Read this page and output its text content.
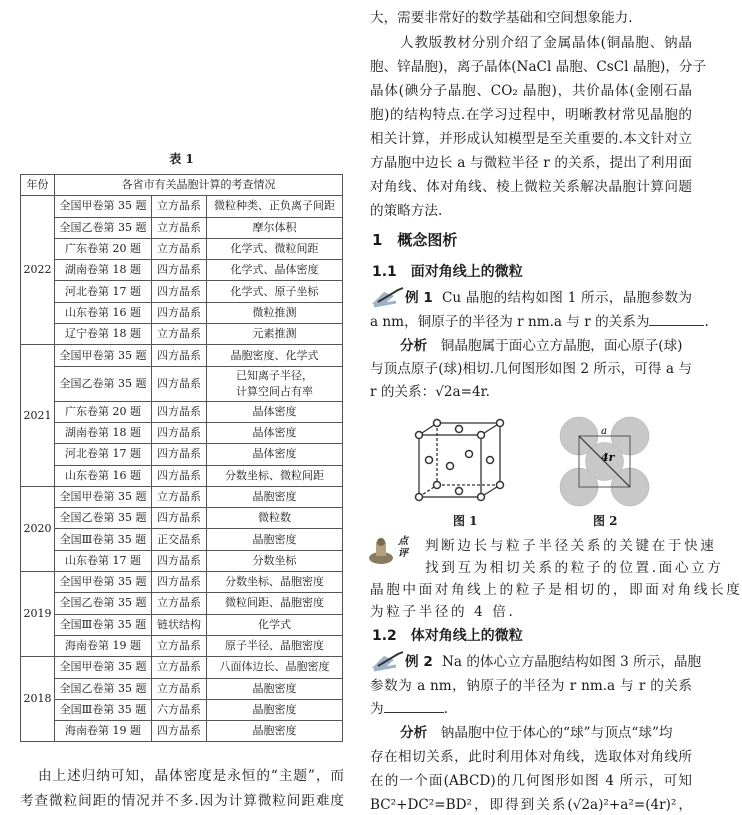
表 1
年份	各省市有关晶胞计算的考查情况		
2022	全国甲卷第 35 题	立方晶系	微粒种类、正负离子间距
	全国乙卷第 35 题	立方晶系	摩尔体积
	广东卷第 20 题	立方晶系	化学式、微粒间距
	湖南卷第 18 题	四方晶系	化学式、晶体密度
	河北卷第 17 题	四方晶系	化学式、原子坐标
	山东卷第 16 题	四方晶系	微粒推测
	辽宁卷第 18 题	立方晶系	元素推测
2021	全国甲卷第 35 题	四方晶系	晶胞密度、化学式
	全国乙卷第 35 题	四方晶系	已知离子半径，
计算空间占有率
	广东卷第 20 题	四方晶系	晶体密度
	湖南卷第 18 题	四方晶系	晶体密度
	河北卷第 17 题	四方晶系	晶体密度
	山东卷第 16 题	四方晶系	分数坐标、微粒间距
2020	全国甲卷第 35 题	立方晶系	晶胞密度
	全国乙卷第 35 题	四方晶系	微粒数
	全国Ⅲ卷第 35 题	正交晶系	晶胞密度
	山东卷第 17 题	四方晶系	分数坐标
2019	全国甲卷第 35 题	四方晶系	分数坐标、晶胞密度
	全国乙卷第 35 题	立方晶系	微粒间距、晶胞密度
	全国Ⅲ卷第 35 题	链状结构	化学式
	海南卷第 19 题	立方晶系	原子半径、晶胞密度
2018	全国甲卷第 35 题	立方晶系	八面体边长、晶胞密度
	全国乙卷第 35 题	立方晶系	晶胞密度
	全国Ⅲ卷第 35 题	六方晶系	晶胞密度
	海南卷第 19 题	四方晶系	晶胞密度
由上述归纳可知，晶体密度是永恒的“主题”，而
考查微粒间距的情况并不多.因为计算微粒间距难度
大，需要非常好的数学基础和空间想象能力.
人教版教材分别介绍了金属晶体(铜晶胞、钠晶
胞、锌晶胞)，离子晶体(NaCl 晶胞、CsCl 晶胞)，分子
晶体(碘分子晶胞、CO₂ 晶胞)，共价晶体(金刚石晶
胞)的结构特点.在学习过程中，明晰教材常见晶胞的
相关计算，并形成认知模型是至关重要的.本文针对立
方晶胞中边长 a 与微粒半径 r 的关系，提出了利用面
对角线、体对角线、棱上微粒关系解决晶胞计算问题
的策略方法.
1　概念图析
1.1　面对角线上的微粒
例 1 Cu 晶胞的结构如图 1 所示，晶胞参数为
a nm，铜原子的半径为 r nm.a 与 r 的关系为	.
分析　 铜晶胞属于面心立方晶胞，面心原子(球)
与顶点原子(球)相切.几何图形如图 2 所示，可得 a 与
r 的关系：√2a=4r.
图 1
a
4r
图 2
点评 判断边长与粒子半径关系的关键在于快速
找到互为相切关系的粒子的位置.面心立方
晶胞中面对角线上的粒子是相切的，即面对角线长度
为粒子半径的 4 倍.
1.2　体对角线上的微粒
例 2 Na 的体心立方晶胞结构如图 3 所示，晶胞
参数为 a nm，钠原子的半径为 r nm.a 与 r 的关系
为	.
分析　 钠晶胞中位于体心的“球”与顶点“球”均
存在相切关系，此时利用体对角线，选取体对角线所
在的一个面(ABCD)的几何图形如图 4 所示，可知
BC²+DC²=BD²，即得到关系(√2a)²+a²=(4r)²，
